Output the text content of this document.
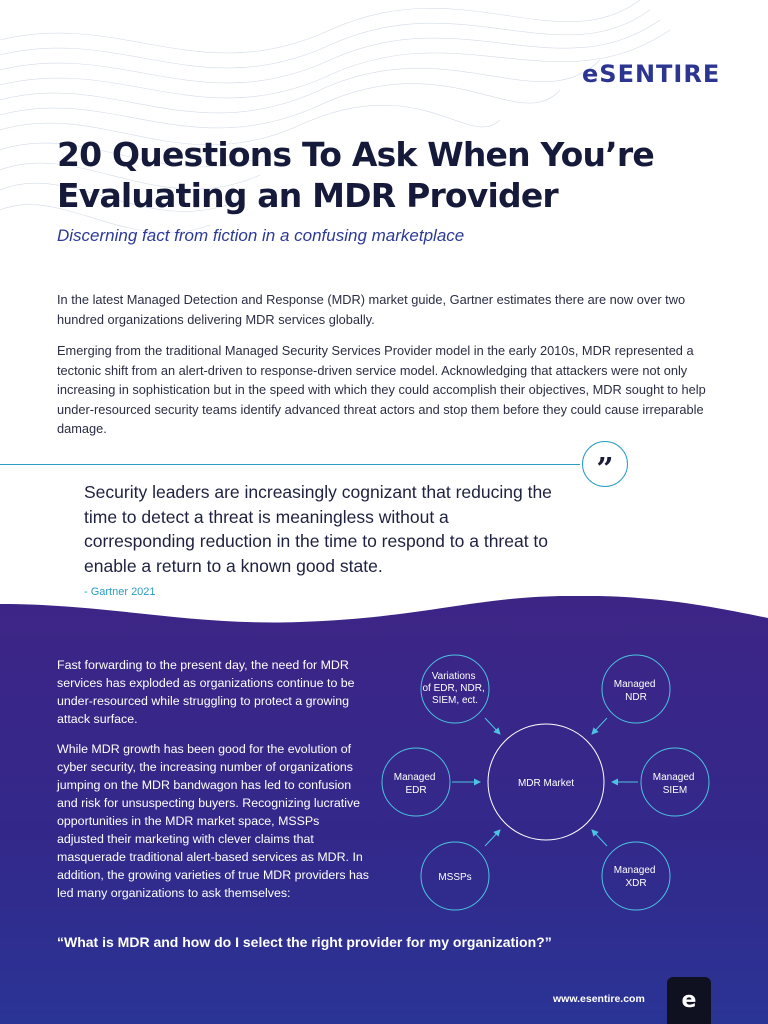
eSENTIRE
20 Questions To Ask When You’re Evaluating an MDR Provider
Discerning fact from fiction in a confusing marketplace

In the latest Managed Detection and Response (MDR) market guide, Gartner estimates there are now over two hundred organizations delivering MDR services globally.

Emerging from the traditional Managed Security Services Provider model in the early 2010s, MDR represented a tectonic shift from an alert-driven to response-driven service model. Acknowledging that attackers were not only increasing in sophistication but in the speed with which they could accomplish their objectives, MDR sought to help under-resourced security teams identify advanced threat actors and stop them before they could cause irreparable damage.

”

Security leaders are increasingly cognizant that reducing the time to detect a threat is meaningless without a corresponding reduction in the time to respond to a threat to enable a return to a known good state.

- Gartner 2021

Fast forwarding to the present day, the need for MDR services has exploded as organizations continue to be under-resourced while struggling to protect a growing attack surface.

While MDR growth has been good for the evolution of cyber security, the increasing number of organizations jumping on the MDR bandwagon has led to confusion and risk for unsuspecting buyers. Recognizing lucrative opportunities in the MDR market space, MSSPs adjusted their marketing with clever claims that masquerade traditional alert-based services as MDR. In addition, the growing varieties of true MDR providers has led many organizations to ask themselves:

MDR Market
Variations of EDR, NDR, SIEM, ect.
Managed NDR
Managed EDR
Managed SIEM
MSSPs
Managed XDR
“What is MDR and how do I select the right provider for my organization?”
www.esentire.com	e
